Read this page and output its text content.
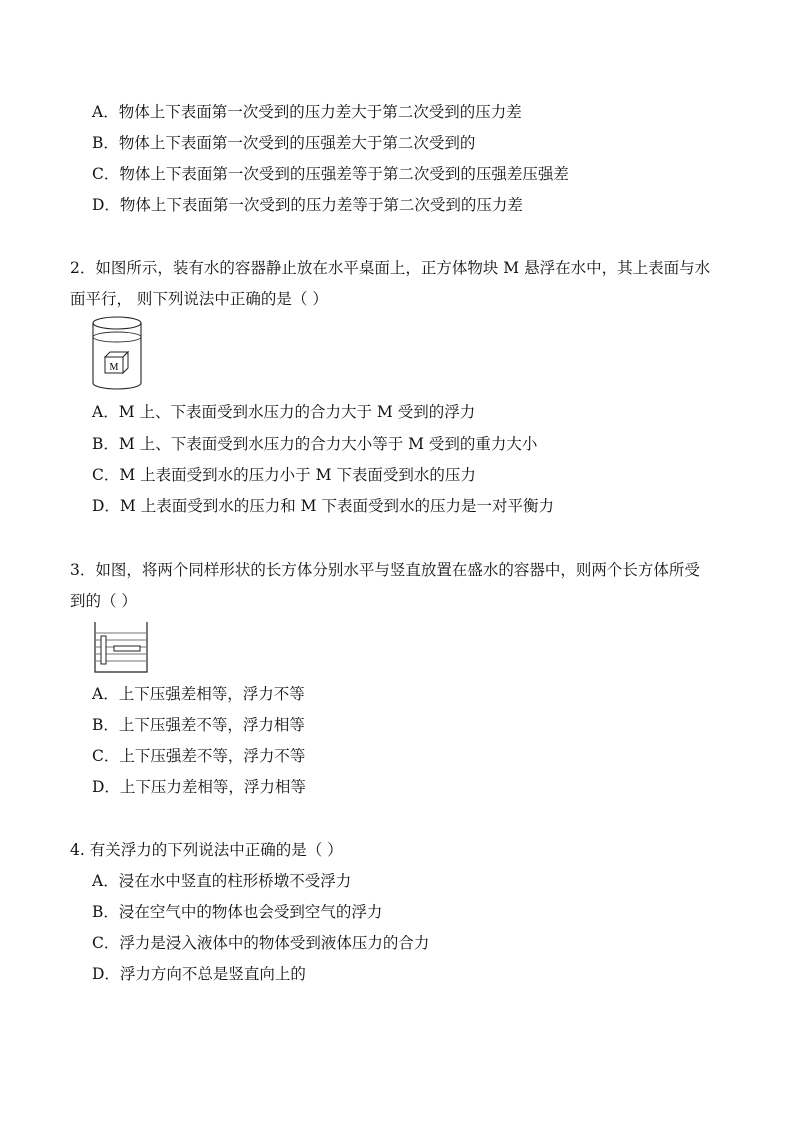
A．物体上下表面第一次受到的压力差大于第二次受到的压力差
B．物体上下表面第一次受到的压强差大于第二次受到的
C．物体上下表面第一次受到的压强差等于第二次受到的压强差压强差
D．物体上下表面第一次受到的压力差等于第二次受到的压力差
2．如图所示，装有水的容器静止放在水平桌面上，正方体物块 M 悬浮在水中，其上表面与水
面平行， 则下列说法中正确的是（ ）
M
A．M 上、下表面受到水压力的合力大于 M 受到的浮力
B．M 上、下表面受到水压力的合力大小等于 M 受到的重力大小
C．M 上表面受到水的压力小于 M 下表面受到水的压力
D．M 上表面受到水的压力和 M 下表面受到水的压力是一对平衡力
3．如图，将两个同样形状的长方体分别水平与竖直放置在盛水的容器中，则两个长方体所受
到的（ ）
A．上下压强差相等，浮力不等
B．上下压强差不等，浮力相等
C．上下压强差不等，浮力不等
D．上下压力差相等，浮力相等
4. 有关浮力的下列说法中正确的是（ ）
A．浸在水中竖直的柱形桥墩不受浮力
B．浸在空气中的物体也会受到空气的浮力
C．浮力是浸入液体中的物体受到液体压力的合力
D．浮力方向不总是竖直向上的
